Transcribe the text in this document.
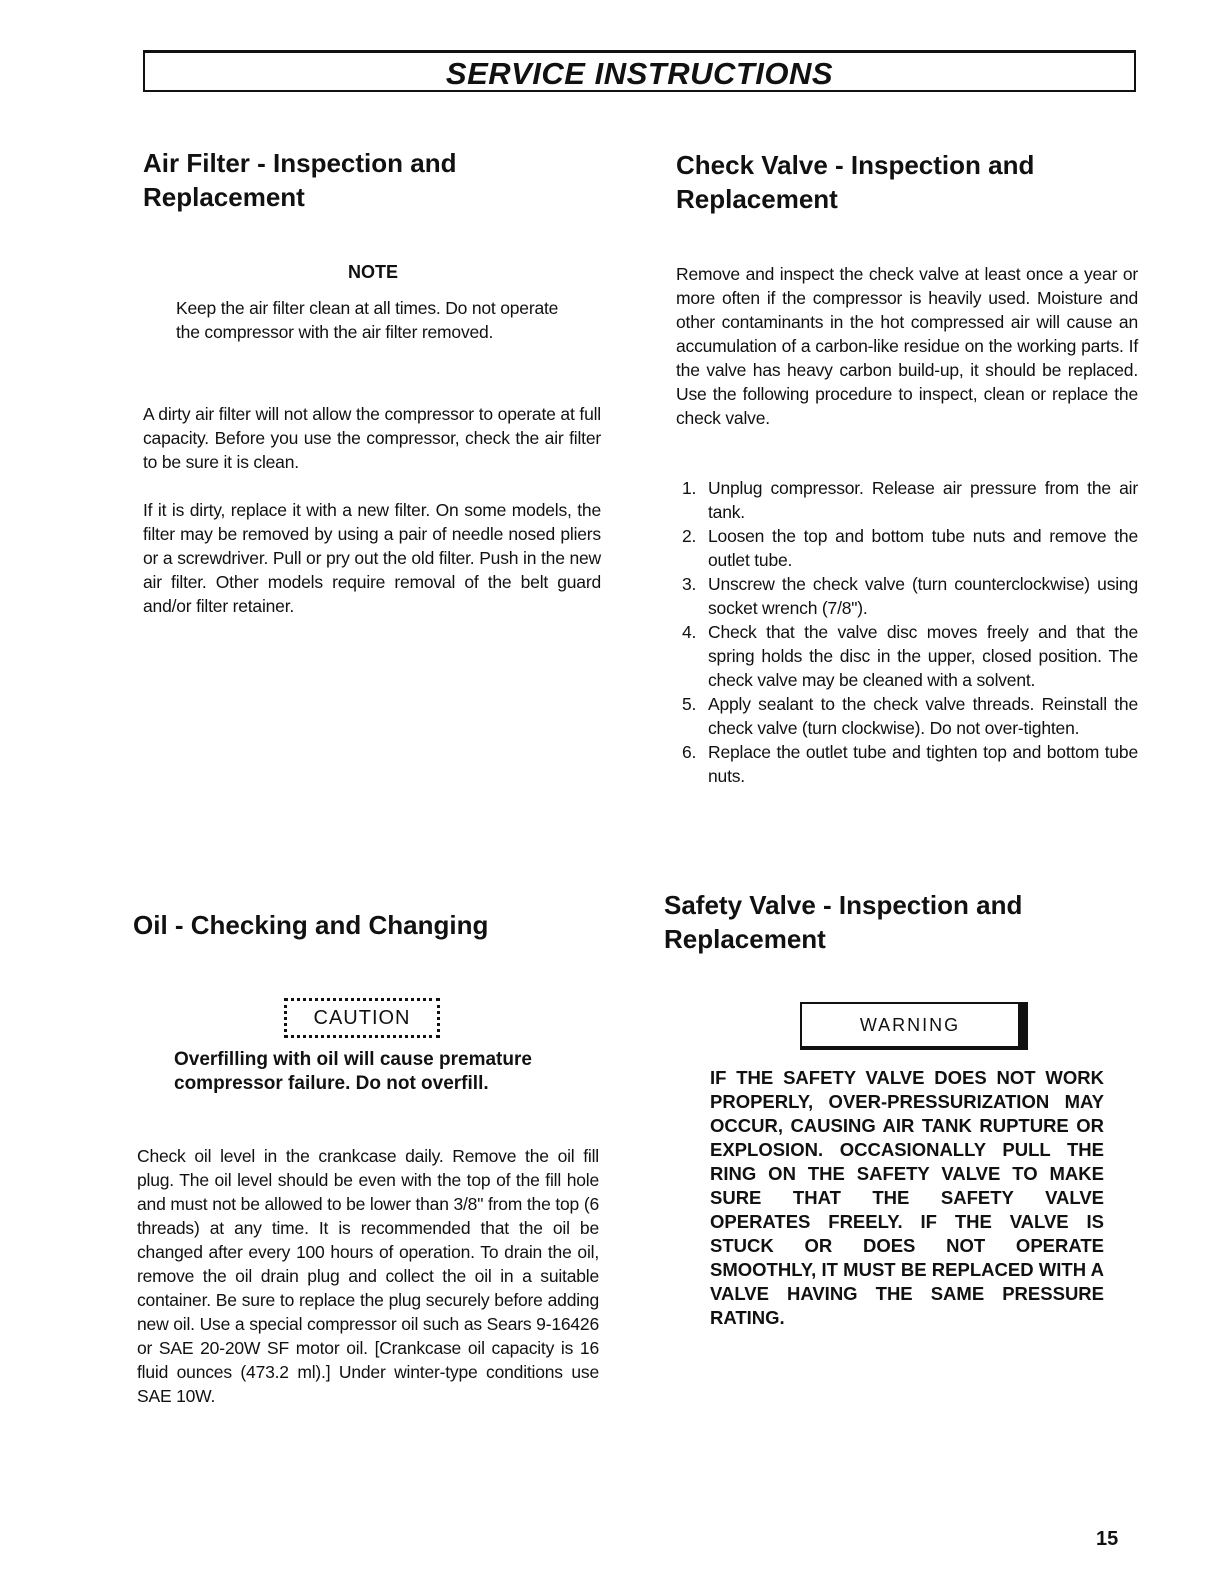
SERVICE INSTRUCTIONS
Air Filter - Inspection and
Replacement
NOTE

Keep the air filter clean at all times. Do not operate the compressor with the air filter removed.

A dirty air filter will not allow the compressor to operate at full capacity. Before you use the compressor, check the air filter to be sure it is clean.

If it is dirty, replace it with a new filter. On some models, the filter may be removed by using a pair of needle nosed pliers or a screwdriver. Pull or pry out the old filter. Push in the new air filter. Other models require removal of the belt guard and/or filter retainer.

Check Valve - Inspection and
Replacement

Remove and inspect the check valve at least once a year or more often if the compressor is heavily used. Moisture and other contaminants in the hot compressed air will cause an accumulation of a carbon-like residue on the working parts. If the valve has heavy carbon build-up, it should be replaced. Use the following procedure to inspect, clean or replace the check valve.

1. Unplug compressor. Release air pressure from the air tank.
2. Loosen the top and bottom tube nuts and remove the outlet tube.
3. Unscrew the check valve (turn counterclockwise) using socket wrench (7/8").
4. Check that the valve disc moves freely and that the spring holds the disc in the upper, closed position. The check valve may be cleaned with a solvent.
5. Apply sealant to the check valve threads. Reinstall the check valve (turn clockwise). Do not over-tighten.
6. Replace the outlet tube and tighten top and bottom tube nuts.
Oil - Checking and Changing
CAUTION

Overfilling with oil will cause premature compressor failure. Do not overfill.

Check oil level in the crankcase daily. Remove the oil fill plug. The oil level should be even with the top of the fill hole and must not be allowed to be lower than 3/8" from the top (6 threads) at any time. It is recommended that the oil be changed after every 100 hours of operation. To drain the oil, remove the oil drain plug and collect the oil in a suitable container. Be sure to replace the plug securely before adding new oil. Use a special compressor oil such as Sears 9-16426 or SAE 20-20W SF motor oil. [Crankcase oil capacity is 16 fluid ounces (473.2 ml).] Under winter-type conditions use SAE 10W.

Safety Valve - Inspection and
Replacement
WARNING

IF THE SAFETY VALVE DOES NOT WORK PROPERLY, OVER-PRESSURIZATION MAY OCCUR, CAUSING AIR TANK RUPTURE OR EXPLOSION. OCCASIONALLY PULL THE RING ON THE SAFETY VALVE TO MAKE SURE THAT THE SAFETY VALVE OPERATES FREELY. IF THE VALVE IS STUCK OR DOES NOT OPERATE SMOOTHLY, IT MUST BE REPLACED WITH A VALVE HAVING THE SAME PRESSURE RATING.

15
